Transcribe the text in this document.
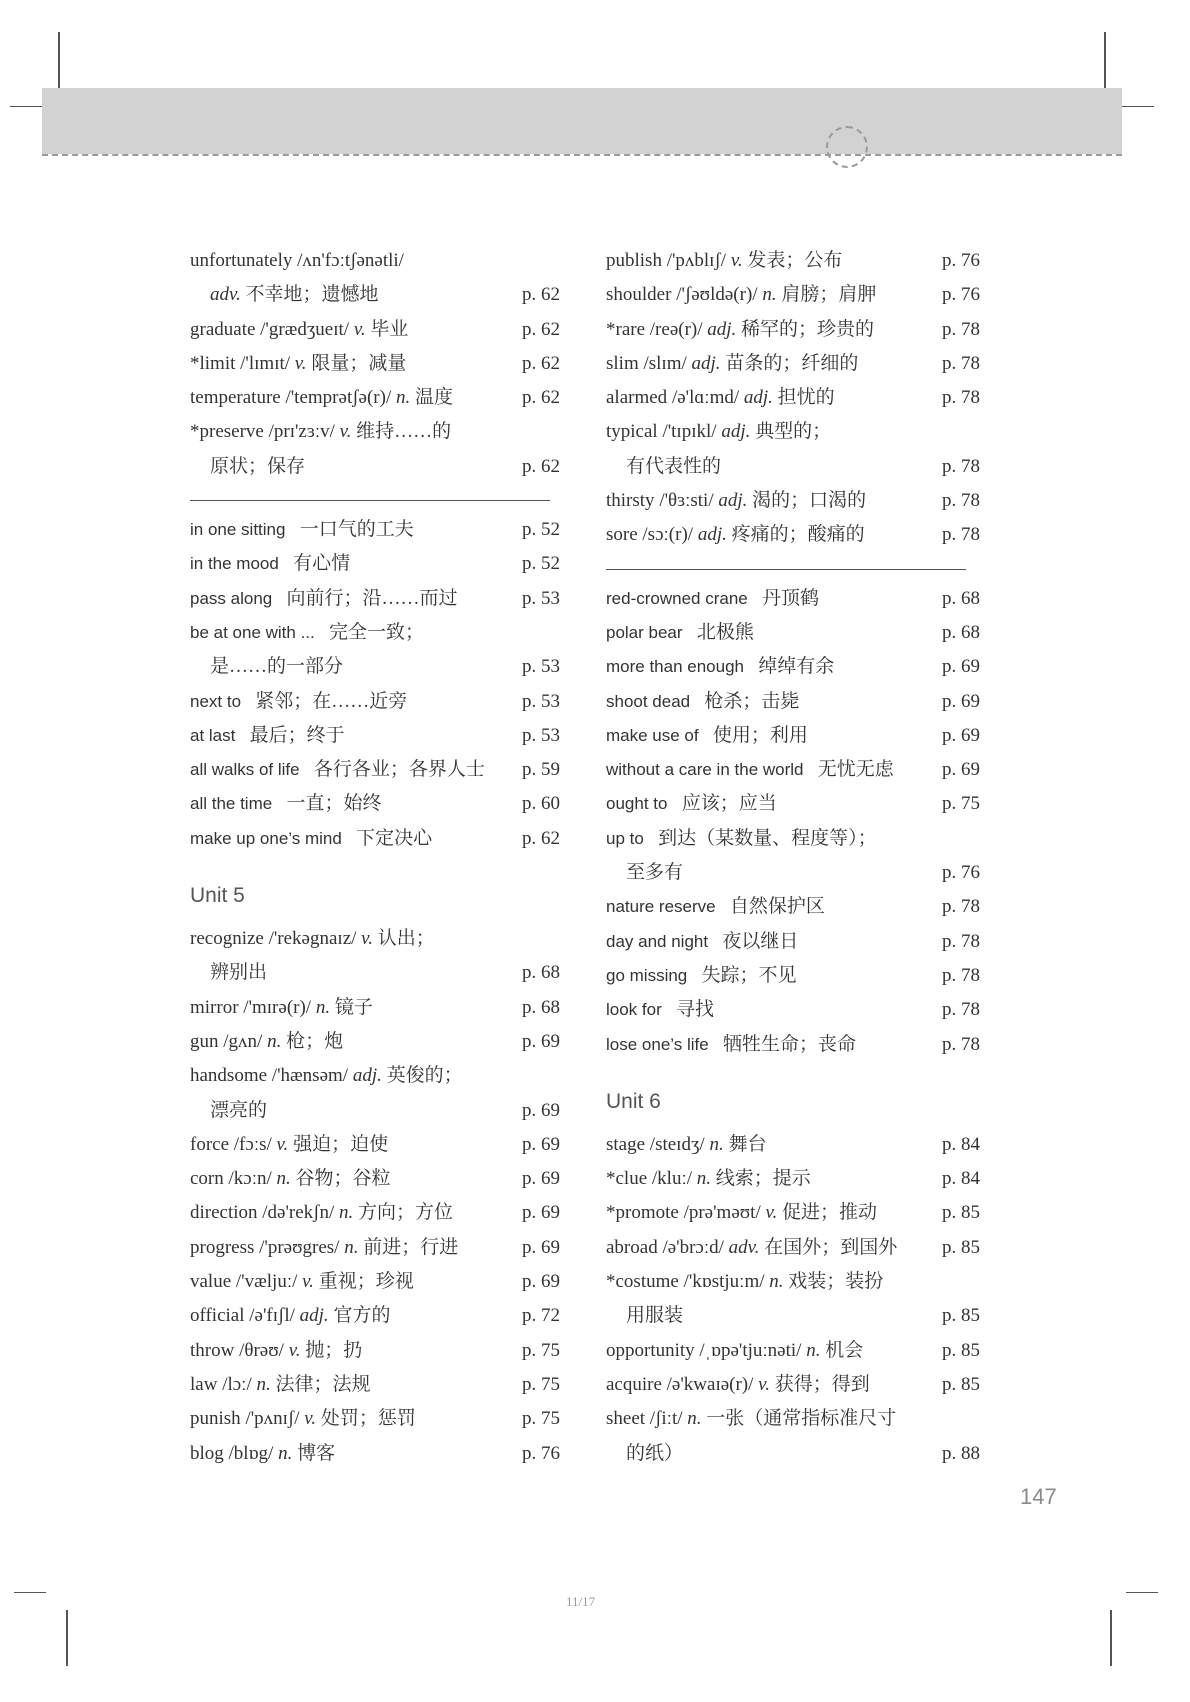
unfortunately /ʌn'fɔːtʃənətli/
adv. 不幸地；遗憾地	p. 62
graduate /'grædʒueɪt/ v. 毕业	p. 62
*limit /'lɪmɪt/ v. 限量；减量	p. 62
temperature /'temprətʃə(r)/ n. 温度	p. 62
*preserve /prɪ'zɜːv/ v. 维持……的
原状；保存	p. 62
in one sitting 一口气的工夫	p. 52
in the mood 有心情	p. 52
pass along 向前行；沿……而过	p. 53
be at one with ... 完全一致；
是……的一部分	p. 53
next to 紧邻；在……近旁	p. 53
at last 最后；终于	p. 53
all walks of life 各行各业；各界人士 p. 59
all the time 一直；始终	p. 60
make up one’s mind 下定决心	p. 62
Unit 5
recognize /'rekəgnaɪz/ v. 认出；
辨别出	p. 68
mirror /'mɪrə(r)/ n. 镜子	p. 68
gun /gʌn/ n. 枪；炮	p. 69
handsome /'hænsəm/ adj. 英俊的；
漂亮的	p. 69
force /fɔːs/ v. 强迫；迫使	p. 69
corn /kɔːn/ n. 谷物；谷粒	p. 69
direction /də'rekʃn/ n. 方向；方位	p. 69
progress /'prəʊgres/ n. 前进；行进	p. 69
value /'væljuː/ v. 重视；珍视	p. 69
official /ə'fɪʃl/ adj. 官方的	p. 72
throw /θrəʊ/ v. 抛；扔	p. 75
law /lɔː/ n. 法律；法规	p. 75
punish /'pʌnɪʃ/ v. 处罚；惩罚	p. 75
blog /blɒg/ n. 博客	p. 76
publish /'pʌblɪʃ/ v. 发表；公布	p. 76
shoulder /'ʃəʊldə(r)/ n. 肩膀；肩胛	p. 76
*rare /reə(r)/ adj. 稀罕的；珍贵的	p. 78
slim /slɪm/ adj. 苗条的；纤细的	p. 78
alarmed /ə'lɑːmd/ adj. 担忧的	p. 78
typical /'tɪpɪkl/ adj. 典型的；
有代表性的	p. 78
thirsty /'θɜːsti/ adj. 渴的；口渴的	p. 78
sore /sɔː(r)/ adj. 疼痛的；酸痛的	p. 78
red-crowned crane 丹顶鹤	p. 68
polar bear 北极熊	p. 68
more than enough 绰绰有余	p. 69
shoot dead 枪杀；击毙	p. 69
make use of 使用；利用	p. 69
without a care in the world 无忧无虑	p. 69
ought to 应该；应当	p. 75
up to 到达（某数量、程度等）；
至多有	p. 76
nature reserve 自然保护区	p. 78
day and night 夜以继日	p. 78
go missing 失踪；不见	p. 78
look for 寻找	p. 78
lose one’s life 牺牲生命；丧命	p. 78
Unit 6
stage /steɪdʒ/ n. 舞台	p. 84
*clue /kluː/ n. 线索；提示	p. 84
*promote /prə'məʊt/ v. 促进；推动	p. 85
abroad /ə'brɔːd/ adv. 在国外；到国外 p. 85
*costume /'kɒstjuːm/ n. 戏装；装扮
用服装	p. 85
opportunity /ˌɒpə'tjuːnəti/ n. 机会	p. 85
acquire /ə'kwaɪə(r)/ v. 获得；得到	p. 85
sheet /ʃiːt/ n. 一张（通常指标准尺寸
的纸）	p. 88
147
11/17
